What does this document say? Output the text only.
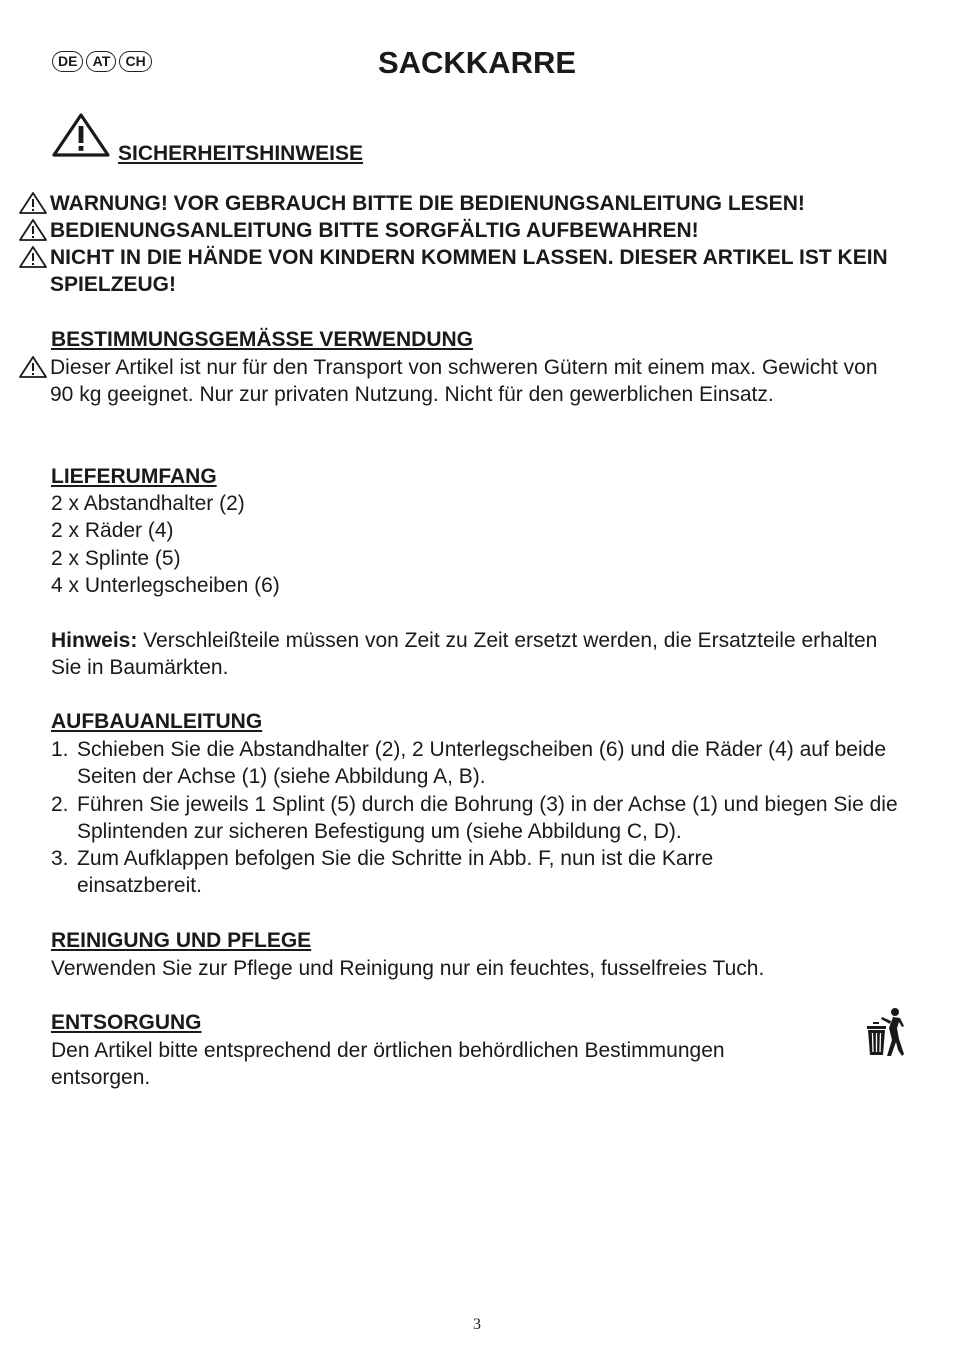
DE	AT	CH	SACKKARRE
SICHERHEITSHINWEISE
WARNUNG! VOR GEBRAUCH BITTE DIE BEDIENUNGSANLEITUNG LESEN!
BEDIENUNGSANLEITUNG BITTE SORGFÄLTIG AUFBEWAHREN!
NICHT IN DIE HÄNDE VON KINDERN KOMMEN LASSEN. DIESER ARTIKEL IST KEIN SPIELZEUG!
BESTIMMUNGSGEMÄSSE VERWENDUNG
Dieser Artikel ist nur für den Transport von schweren Gütern mit einem max. Gewicht von 90 kg geeignet. Nur zur privaten Nutzung. Nicht für den gewerblichen Einsatz.
LIEFERUMFANG
2 x Abstandhalter (2)
2 x Räder (4)
2 x Splinte (5)
4 x Unterlegscheiben (6)
Hinweis: Verschleißteile müssen von Zeit zu Zeit ersetzt werden, die Ersatzteile erhalten Sie in Baumärkten.
AUFBAUANLEITUNG
1. Schieben Sie die Abstandhalter (2), 2 Unterlegscheiben (6) und die Räder (4) auf beide Seiten der Achse (1) (siehe Abbildung A, B).
2. Führen Sie jeweils 1 Splint (5) durch die Bohrung (3) in der Achse (1) und biegen Sie die Splintenden zur sicheren Befestigung um (siehe Abbildung C, D).
3. Zum Aufklappen befolgen Sie die Schritte in Abb. F, nun ist die Karre einsatzbereit.
REINIGUNG UND PFLEGE
Verwenden Sie zur Pflege und Reinigung nur ein feuchtes, fusselfreies Tuch.
ENTSORGUNG
Den Artikel bitte entsprechend der örtlichen behördlichen Bestimmungen entsorgen.
3
